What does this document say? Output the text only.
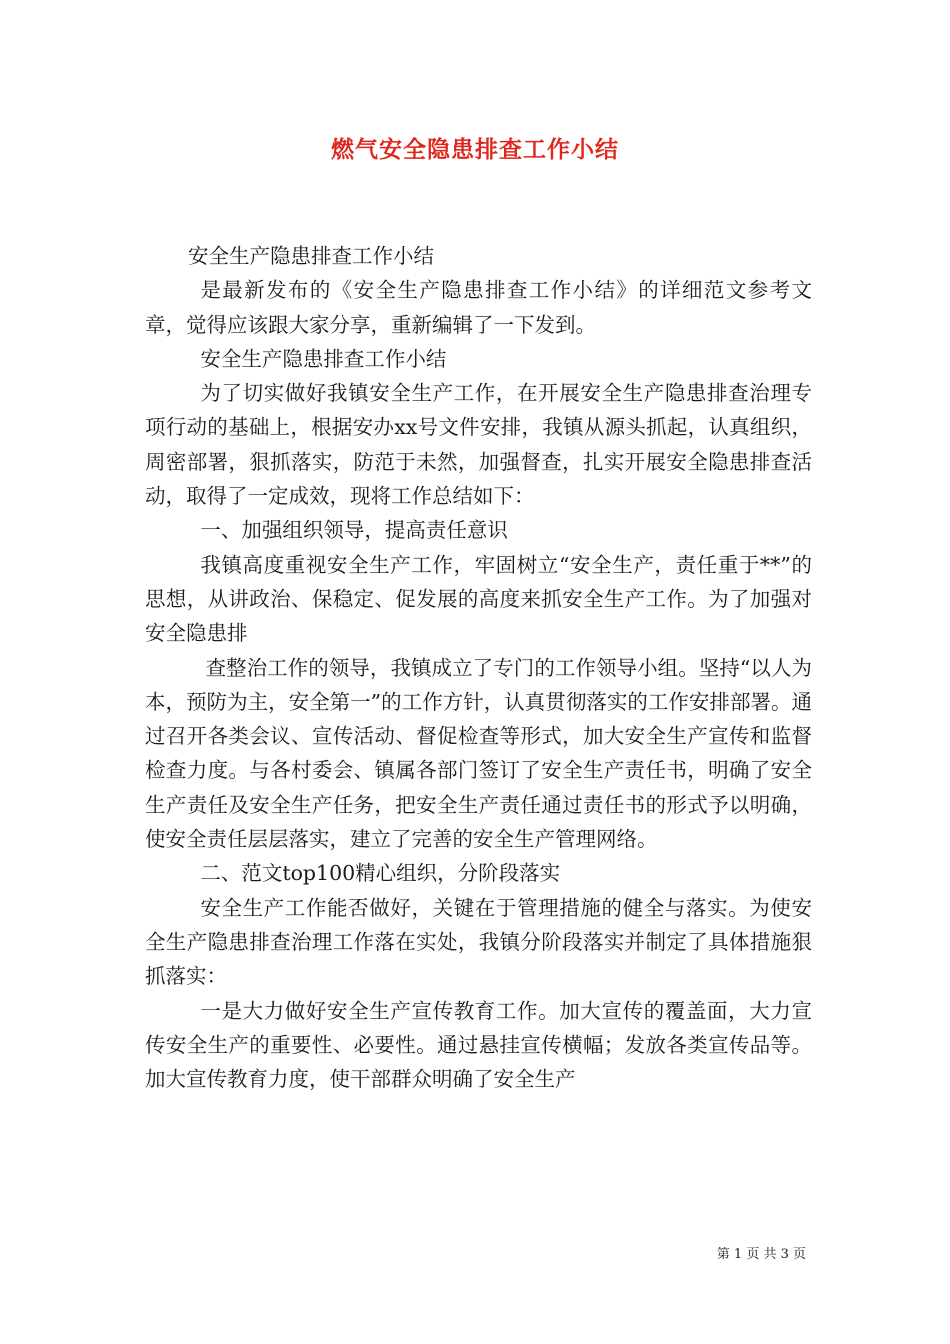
燃气安全隐患排查工作小结

安全生产隐患排查工作小结

是最新发布的《安全生产隐患排查工作小结》的详细范文参考文章，觉得应该跟大家分享，重新编辑了一下发到。

安全生产隐患排查工作小结

为了切实做好我镇安全生产工作，在开展安全生产隐患排查治理专项行动的基础上，根据安办xx号文件安排，我镇从源头抓起，认真组织，周密部署，狠抓落实，防范于未然，加强督查，扎实开展安全隐患排查活动，取得了一定成效，现将工作总结如下：

一、加强组织领导，提高责任意识

我镇高度重视安全生产工作，牢固树立“安全生产，责任重于**”的思想，从讲政治、保稳定、促发展的高度来抓安全生产工作。为了加强对安全隐患排

查整治工作的领导，我镇成立了专门的工作领导小组。坚持“以人为本，预防为主，安全第一”的工作方针，认真贯彻落实的工作安排部署。通过召开各类会议、宣传活动、督促检查等形式，加大安全生产宣传和监督检查力度。与各村委会、镇属各部门签订了安全生产责任书，明确了安全生产责任及安全生产任务，把安全生产责任通过责任书的形式予以明确，使安全责任层层落实，建立了完善的安全生产管理网络。

二、范文top100精心组织，分阶段落实

安全生产工作能否做好，关键在于管理措施的健全与落实。为使安全生产隐患排查治理工作落在实处，我镇分阶段落实并制定了具体措施狠抓落实：

一是大力做好安全生产宣传教育工作。加大宣传的覆盖面，大力宣传安全生产的重要性、必要性。通过悬挂宣传横幅；发放各类宣传品等。加大宣传教育力度，使干部群众明确了安全生产

第 1 页 共 3 页
